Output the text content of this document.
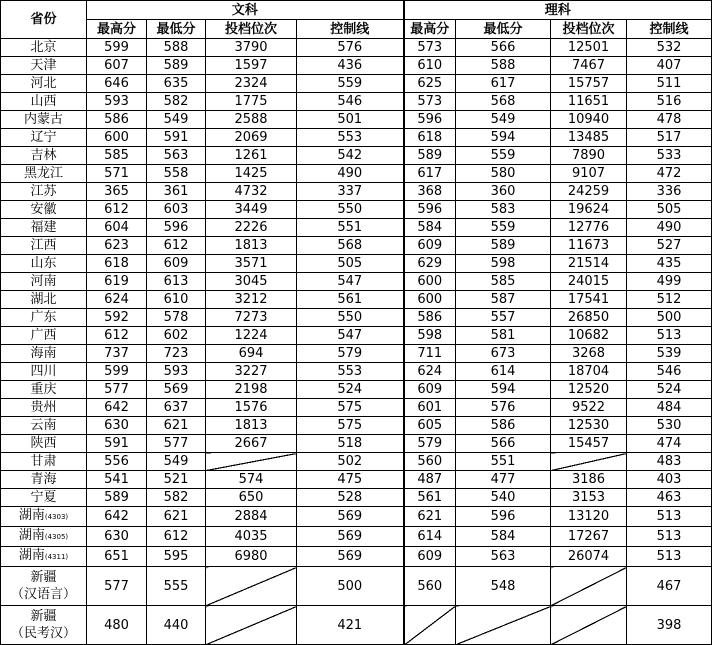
省份	文科				理科			
	最高分	最低分	投档位次	控制线	最高分	最低分	投档位次	控制线
北京	599	588	3790	576	573	566	12501	532
天津	607	589	1597	436	610	588	7467	407
河北	646	635	2324	559	625	617	15757	511
山西	593	582	1775	546	573	568	11651	516
内蒙古	586	549	2588	501	596	549	10940	478
辽宁	600	591	2069	553	618	594	13485	517
吉林	585	563	1261	542	589	559	7890	533
黑龙江	571	558	1425	490	617	580	9107	472
江苏	365	361	4732	337	368	360	24259	336
安徽	612	603	3449	550	596	583	19624	505
福建	604	596	2226	551	584	559	12776	490
江西	623	612	1813	568	609	589	11673	527
山东	618	609	3571	505	629	598	21514	435
河南	619	613	3045	547	600	585	24015	499
湖北	624	610	3212	561	600	587	17541	512
广东	592	578	7273	550	586	557	26850	500
广西	612	602	1224	547	598	581	10682	513
海南	737	723	694	579	711	673	3268	539
四川	599	593	3227	553	624	614	18704	546
重庆	577	569	2198	524	609	594	12520	524
贵州	642	637	1576	575	601	576	9522	484
云南	630	621	1813	575	605	586	12530	530
陕西	591	577	2667	518	579	566	15457	474
甘肃	556	549		502	560	551		483
青海	541	521	574	475	487	477	3186	403
宁夏	589	582	650	528	561	540	3153	463
湖南(4303)	642	621	2884	569	621	596	13120	513
湖南(4305)	630	612	4035	569	614	584	17267	513
湖南(4311)	651	595	6980	569	609	563	26074	513

新疆
（汉语言）	577	555		500	560	548		467

新疆
（民考汉）	480	440		421				398
